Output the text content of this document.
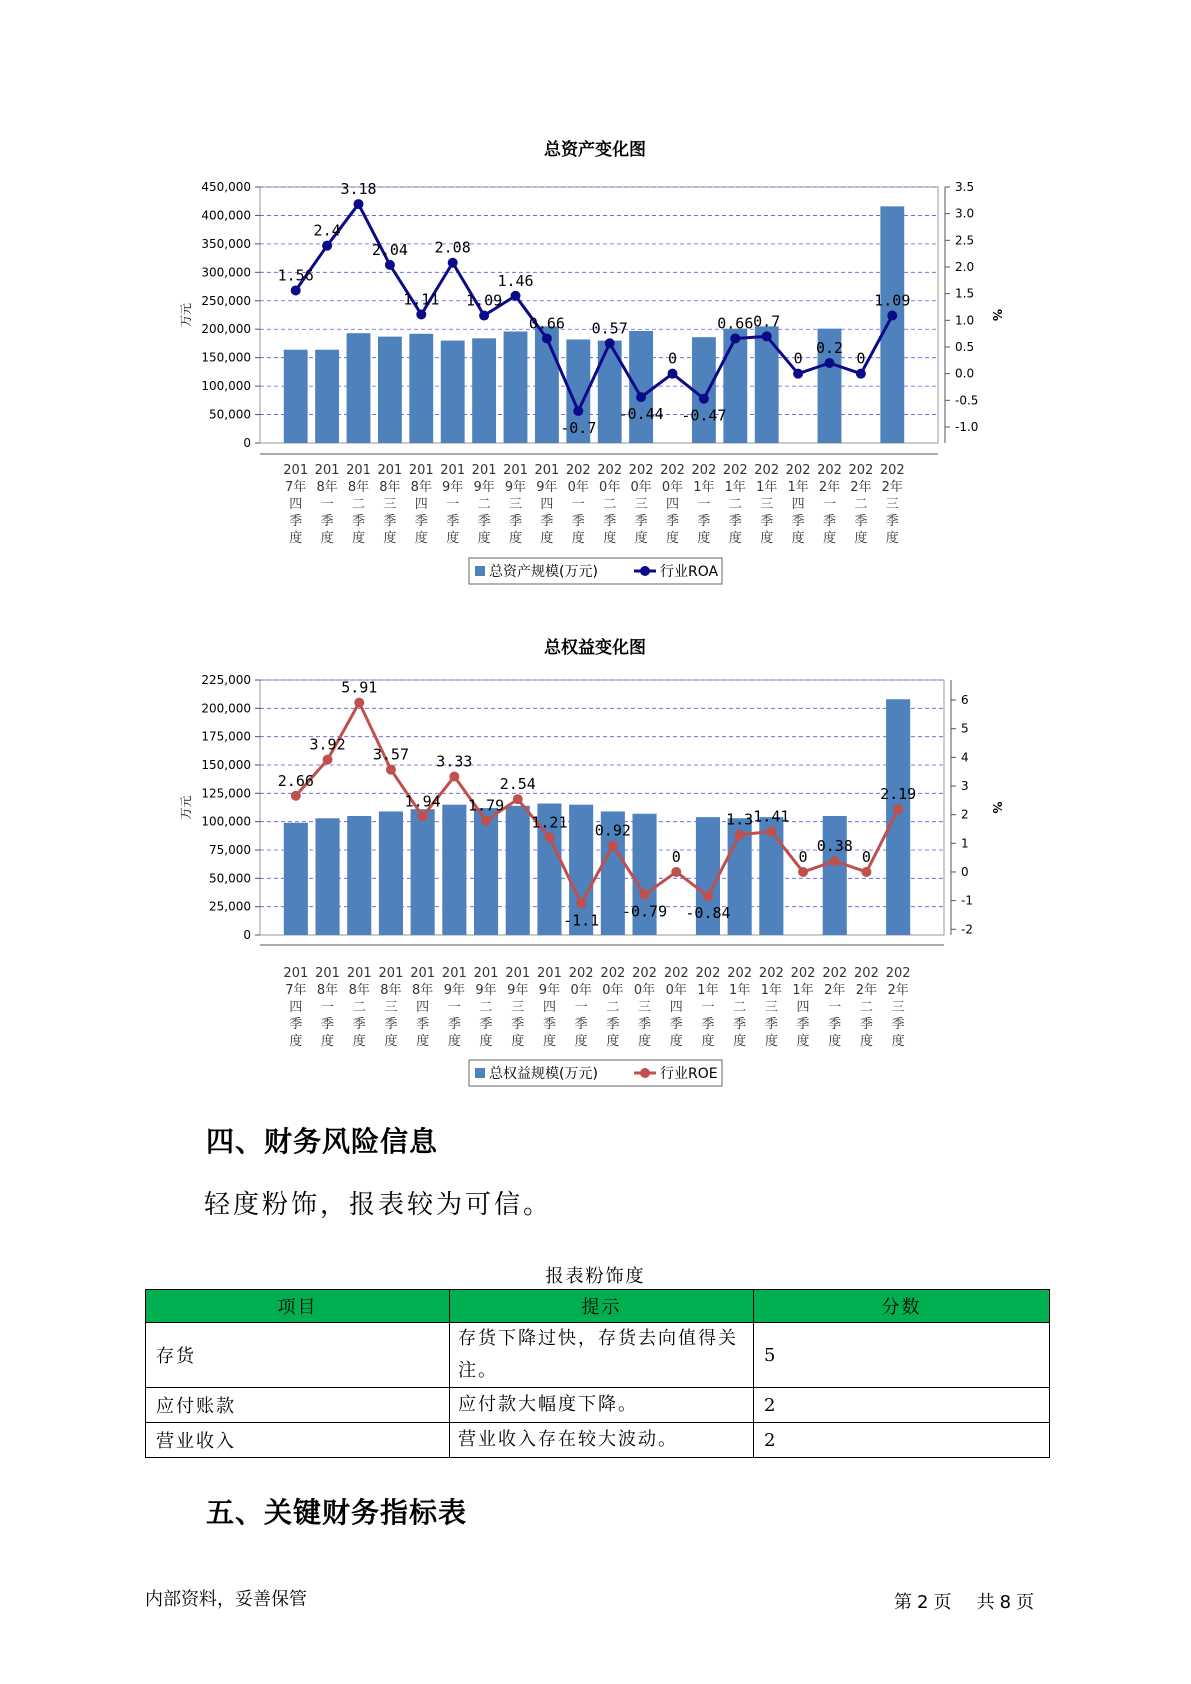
总资产变化图
0
50,000
100,000
150,000
200,000
250,000
300,000
350,000
400,000
450,000
-1.0
-0.5
0.0
0.5
1.0
1.5
2.0
2.5
3.0
3.5
万元	%
1.56
2.4
3.18
2.04
1.11
2.08
1.09
1.46
0.66
-0.7
0.57
-0.44
0
-0.47
0.66 0.7
0
0.2
0
1.09
201
7年
四
季
度
201
8年
一
季
度
201
8年
二
季
度
201
8年
三
季
度
201
8年
四
季
度
201
9年
一
季
度
201
9年
二
季
度
201
9年
三
季
度
201
9年
四
季
度
202
0年
一
季
度
202
0年
二
季
度
202
0年
三
季
度
202
0年
四
季
度
202
1年
一
季
度
202
1年
二
季
度
202
1年
三
季
度
202
1年
四
季
度
202
2年
一
季
度
202
2年
二
季
度
202
2年
三
季
度
总资产规模(万元)	行业ROA
总权益变化图
0
25,000
50,000
75,000
100,000
125,000
150,000
175,000
200,000
225,000
-2
-1
0
1
2
3
4
5
6
万元	%
2.66
3.92
5.91
3.57
1.94
3.33
1.79
2.54
1.21
-1.1
0.92
-0.79
0
-0.84
1.3 1.41
0
0.38
0
2.19
201
7年
四
季
度
201
8年
一
季
度
201
8年
二
季
度
201
8年
三
季
度
201
8年
四
季
度
201
9年
一
季
度
201
9年
二
季
度
201
9年
三
季
度
201
9年
四
季
度
202
0年
一
季
度
202
0年
二
季
度
202
0年
三
季
度
202
0年
四
季
度
202
1年
一
季
度
202
1年
二
季
度
202
1年
三
季
度
202
1年
四
季
度
202
2年
一
季
度
202
2年
二
季
度
202
2年
三
季
度
总权益规模(万元)	行业ROE
四、财务风险信息

轻度粉饰，报表较为可信。

报表粉饰度
项目	提示	分数
存货	存货下降过快，存货去向值得关注。	5
应付账款	应付款大幅度下降。	2
营业收入	营业收入存在较大波动。	2
五、关键财务指标表
内部资料，妥善保管	第 2 页 共 8 页
